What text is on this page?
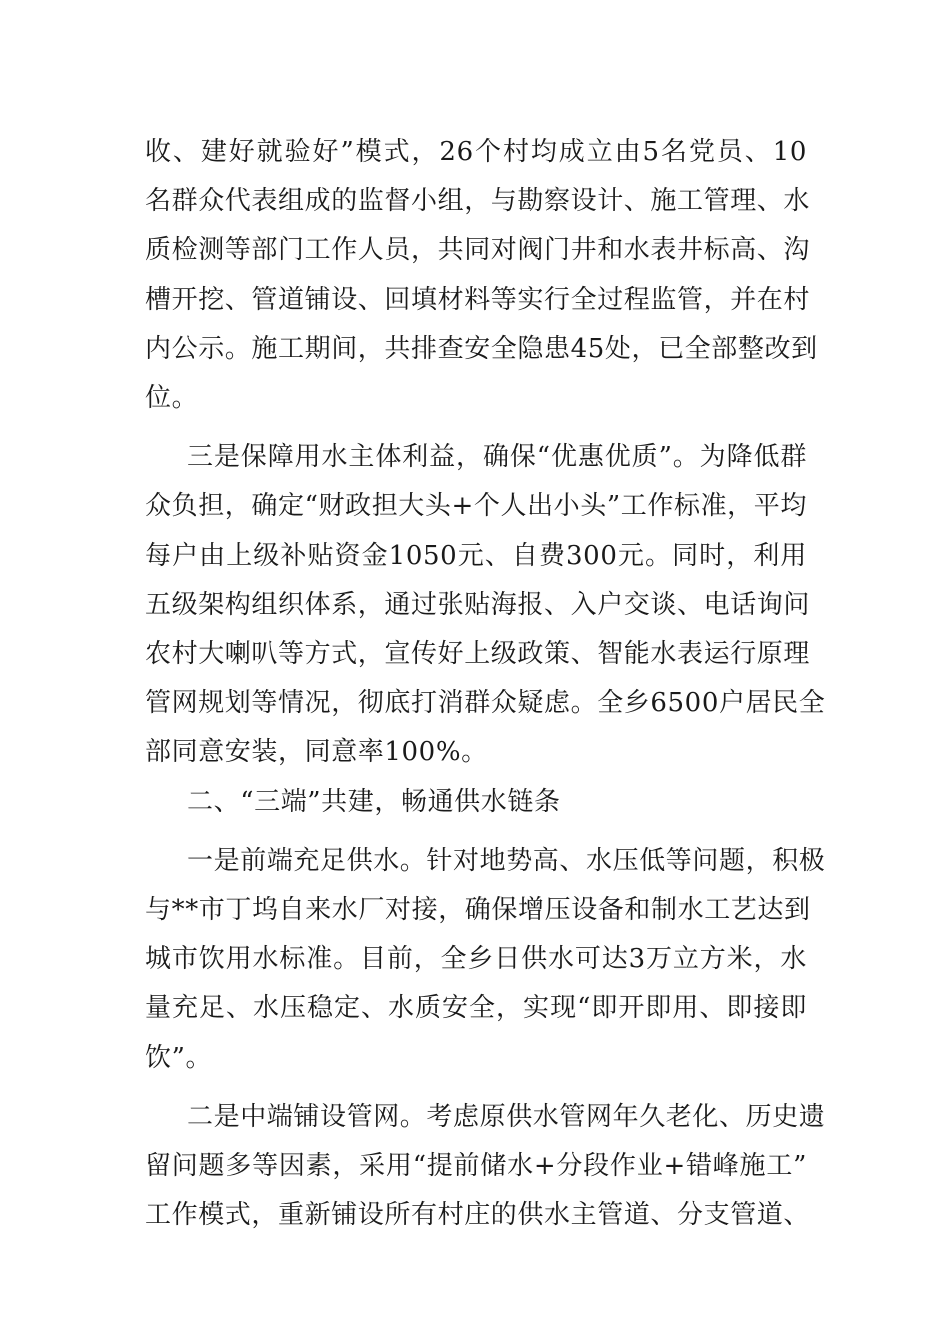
收、建好就验好”模式，26个村均成立由5名党员、10
名群众代表组成的监督小组，与勘察设计、施工管理、水
质检测等部门工作人员，共同对阀门井和水表井标高、沟
槽开挖、管道铺设、回填材料等实行全过程监管，并在村
内公示。施工期间，共排查安全隐患45处，已全部整改到
位。

三是保障用水主体利益，确保“优惠优质”。为降低群
众负担，确定“财政担大头+个人出小头”工作标准，平均
每户由上级补贴资金1050元、自费300元。同时，利用
五级架构组织体系，通过张贴海报、入户交谈、电话询问
农村大喇叭等方式，宣传好上级政策、智能水表运行原理
管网规划等情况，彻底打消群众疑虑。全乡6500户居民全
部同意安装，同意率100%。

二、“三端”共建，畅通供水链条

一是前端充足供水。针对地势高、水压低等问题，积极
与**市丁坞自来水厂对接，确保增压设备和制水工艺达到
城市饮用水标准。目前，全乡日供水可达3万立方米，水
量充足、水压稳定、水质安全，实现“即开即用、即接即
饮”。

二是中端铺设管网。考虑原供水管网年久老化、历史遗
留问题多等因素，采用“提前储水+分段作业+错峰施工”
工作模式，重新铺设所有村庄的供水主管道、分支管道、
